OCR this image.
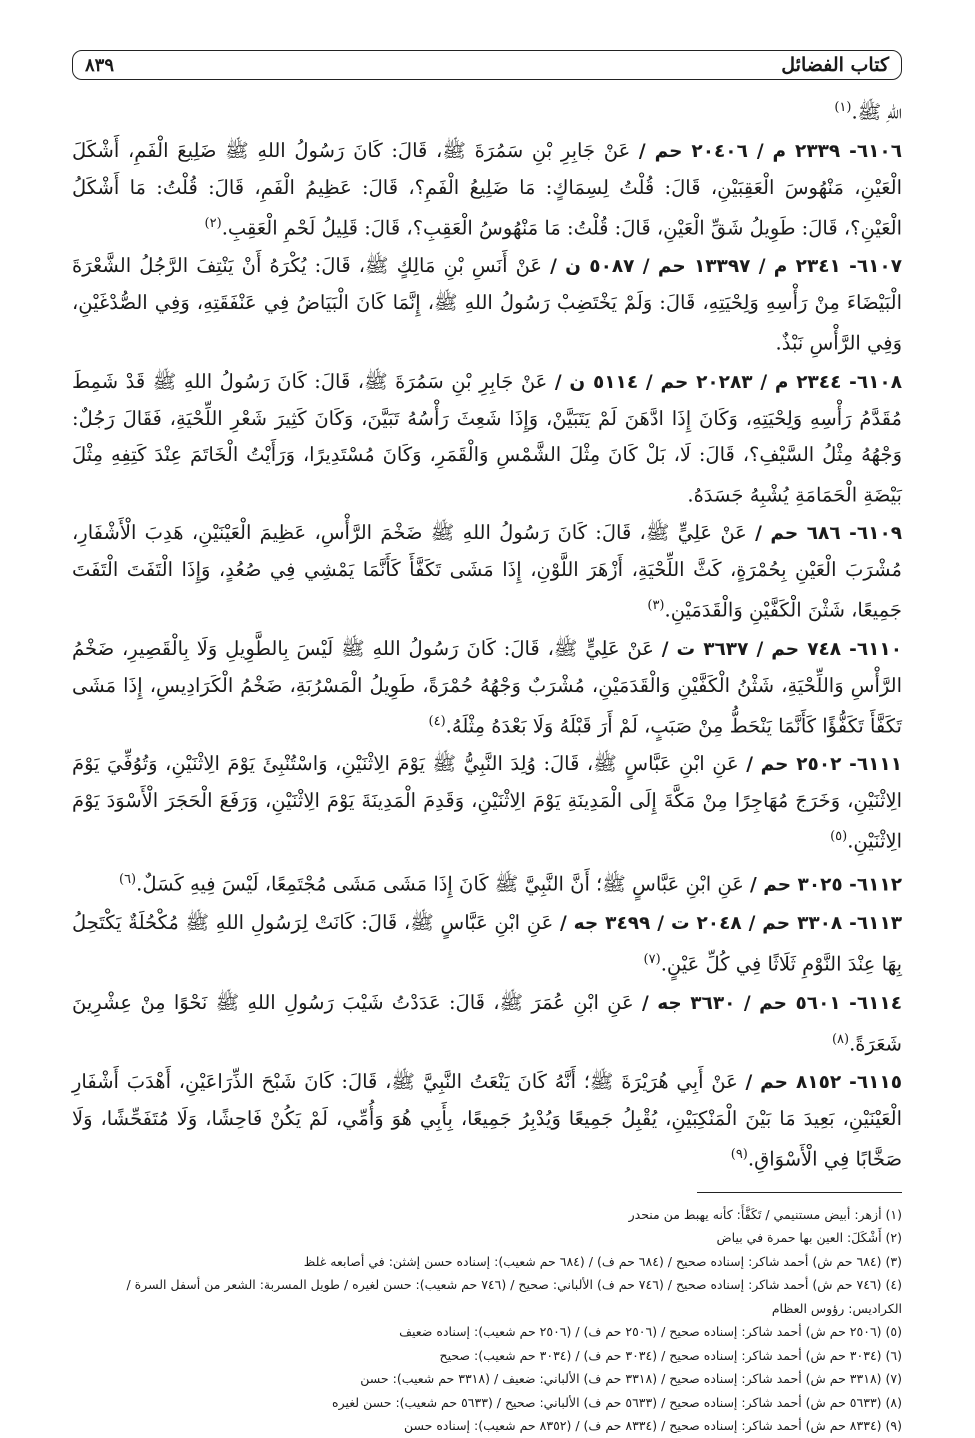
كتاب الفضائل
٨٣٩

اللهِ ﷺ.$^{(١)}$

٦١٠٦- ٢٣٣٩ م / ٢٠٤٠٦ حم / عَنْ جَابِرِ بْنِ سَمُرَةَ ﷺ، قَالَ: كَانَ رَسُولُ اللهِ ﷺ ضَلِيعَ الْفَمِ، أَشْكَلَ الْعَيْنِ، مَنْهُوسَ الْعَقِبَيْنِ، قَالَ: قُلْتُ لِسِمَاكٍ: مَا ضَلِيعُ الْفَمِ؟، قَالَ: عَظِيمُ الْفَمِ، قَالَ: قُلْتُ: مَا أَشْكَلُ الْعَيْنِ؟، قَالَ: طَوِيلُ شَقِّ الْعَيْنِ، قَالَ: قُلْتُ: مَا مَنْهُوسُ الْعَقِبِ؟، قَالَ: قَلِيلُ لَحْمِ الْعَقِبِ.$^{(٢)}$

٦١٠٧- ٢٣٤١ م / ١٣٣٩٧ حم / ٥٠٨٧ ن / عَنْ أَنَسِ بْنِ مَالِكٍ ﷺ، قَالَ: يُكْرَهُ أَنْ يَنْتِفَ الرَّجُلُ الشَّعْرَةَ الْبَيْضَاءَ مِنْ رَأْسِهِ وَلِحْيَتِهِ، قَالَ: وَلَمْ يَخْتَضِبْ رَسُولُ اللهِ ﷺ، إِنَّمَا كَانَ الْبَيَاضُ فِي عَنْفَقَتِهِ، وَفِي الصُّدْغَيْنِ، وَفِي الرَّأْسِ نَبْذٌ.

٦١٠٨- ٢٣٤٤ م / ٢٠٢٨٣ حم / ٥١١٤ ن / عَنْ جَابِرِ بْنِ سَمُرَةَ ﷺ، قَالَ: كَانَ رَسُولُ اللهِ ﷺ قَدْ شَمِطَ مُقَدَّمُ رَأْسِهِ وَلِحْيَتِهِ، وَكَانَ إِذَا ادَّهَنَ لَمْ يَتَبَيَّنْ، وَإِذَا شَعِثَ رَأْسُهُ تَبَيَّنَ، وَكَانَ كَثِيرَ شَعْرِ اللِّحْيَةِ، فَقَالَ رَجُلٌ: وَجْهُهُ مِثْلُ السَّيْفِ؟، قَالَ: لَا، بَلْ كَانَ مِثْلَ الشَّمْسِ وَالْقَمَرِ، وَكَانَ مُسْتَدِيرًا، وَرَأَيْتُ الْخَاتَمَ عِنْدَ كَتِفِهِ مِثْلَ بَيْضَةِ الْحَمَامَةِ يُشْبِهُ جَسَدَهُ.

٦١٠٩- ٦٨٦ حم / عَنْ عَلِيٍّ ﷺ، قَالَ: كَانَ رَسُولُ اللهِ ﷺ ضَخْمَ الرَّأْسِ، عَظِيمَ الْعَيْنَيْنِ، هَدِبَ الْأَشْفَارِ، مُشْرَبَ الْعَيْنِ بِحُمْرَةٍ، كَثَّ اللِّحْيَةِ، أَزْهَرَ اللَّوْنِ، إِذَا مَشَى تَكَفَّأَ كَأَنَّمَا يَمْشِي فِي صُعُدٍ، وَإِذَا الْتَفَتَ الْتَفَتَ جَمِيعًا، شَثْنَ الْكَفَّيْنِ وَالْقَدَمَيْنِ.$^{(٣)}$

٦١١٠- ٧٤٨ حم / ٣٦٣٧ ت / عَنْ عَلِيٍّ ﷺ، قَالَ: كَانَ رَسُولُ اللهِ ﷺ لَيْسَ بِالطَّوِيلِ وَلَا بِالْقَصِيرِ، ضَخْمُ الرَّأْسِ وَاللِّحْيَةِ، شَثْنُ الْكَفَّيْنِ وَالْقَدَمَيْنِ، مُشْرَبٌ وَجْهُهُ حُمْرَةً، طَوِيلُ الْمَسْرُبَةِ، ضَخْمُ الْكَرَادِيسِ، إِذَا مَشَى تَكَفَّأَ تَكَفُّؤًا كَأَنَّمَا يَنْحَطُّ مِنْ صَبَبٍ، لَمْ أَرَ قَبْلَهُ وَلَا بَعْدَهُ مِثْلَهُ.$^{(٤)}$

٦١١١- ٢٥٠٢ حم / عَنِ ابْنِ عَبَّاسٍ ﷺ، قَالَ: وُلِدَ النَّبِيُّ ﷺ يَوْمَ الِاثْنَيْنِ، وَاسْتُنْبِئَ يَوْمَ الِاثْنَيْنِ، وَتُوُفِّيَ يَوْمَ الِاثْنَيْنِ، وَخَرَجَ مُهَاجِرًا مِنْ مَكَّةَ إِلَى الْمَدِينَةِ يَوْمَ الِاثْنَيْنِ، وَقَدِمَ الْمَدِينَةَ يَوْمَ الِاثْنَيْنِ، وَرَفَعَ الْحَجَرَ الْأَسْوَدَ يَوْمَ الِاثْنَيْنِ.$^{(٥)}$

٦١١٢- ٣٠٢٥ حم / عَنِ ابْنِ عَبَّاسٍ ﷺ؛ أَنَّ النَّبِيَّ ﷺ كَانَ إِذَا مَشَى مَشَى مُجْتَمِعًا، لَيْسَ فِيهِ كَسَلٌ.$^{(٦)}$

٦١١٣- ٣٣٠٨ حم / ٢٠٤٨ ت / ٣٤٩٩ جه / عَنِ ابْنِ عَبَّاسٍ ﷺ، قَالَ: كَانَتْ لِرَسُولِ اللهِ ﷺ مُكْحُلَةٌ يَكْتَحِلُ بِهَا عِنْدَ النَّوْمِ ثَلَاثًا فِي كُلِّ عَيْنٍ.$^{(٧)}$

٦١١٤- ٥٦٠١ حم / ٣٦٣٠ جه / عَنِ ابْنِ عُمَرَ ﷺ، قَالَ: عَدَدْتُ شَيْبَ رَسُولِ اللهِ ﷺ نَحْوًا مِنْ عِشْرِينَ شَعَرَةً.$^{(٨)}$

٦١١٥- ٨١٥٢ حم / عَنْ أَبِي هُرَيْرَةَ ﷺ؛ أَنَّهُ كَانَ يَنْعَتُ النَّبِيَّ ﷺ، قَالَ: كَانَ شَبْحَ الذِّرَاعَيْنِ، أَهْدَبَ أَشْفَارِ الْعَيْنَيْنِ، بَعِيدَ مَا بَيْنَ الْمَنْكِبَيْنِ، يُقْبِلُ جَمِيعًا وَيُدْبِرُ جَمِيعًا، بِأَبِي هُوَ وَأُمِّي، لَمْ يَكُنْ فَاحِشًا، وَلَا مُتَفَحِّشًا، وَلَا صَخَّابًا فِي الْأَسْوَاقِ.$^{(٩)}$

(١) أزهر: أبيض مستنيمي / تَكَفَّأَ: كأنه يهبط من منحدر

(٢) أَشْكَلَ: العين بها حمرة في بياض

(٣) (٦٨٤ حم ش) أحمد شاكر: إسناده صحيح / (٦٨٤ حم ف) / (٦٨٤ حم شعيب): إسناده حسن إشثن: في أصابعه غلظ

(٤) (٧٤٦ حم ش) أحمد شاكر: إسناده صحيح / (٧٤٦ حم ف) الألباني: صحيح / (٧٤٦ حم شعيب): حسن لغيره / طويل المسربة: الشعر من أسفل السرة / الكراديس: رؤوس العظام

(٥) (٢٥٠٦ حم ش) أحمد شاكر: إسناده صحيح / (٢٥٠٦ حم ف) / (٢٥٠٦ حم شعيب): إسناده ضعيف

(٦) (٣٠٣٤ حم ش) أحمد شاكر: إسناده صحيح / (٣٠٣٤ حم ف) / (٣٠٣٤ حم شعيب): صحيح

(٧) (٣٣١٨ حم ش) أحمد شاكر: إسناده صحيح / (٣٣١٨ حم ف) الألباني: ضعيف / (٣٣١٨ حم شعيب): حسن

(٨) (٥٦٣٣ حم ش) أحمد شاكر: إسناده صحيح / (٥٦٣٣ حم ف) الألباني: صحيح / (٥٦٣٣ حم شعيب): حسن لغيره

(٩) (٨٣٣٤ حم ش) أحمد شاكر: إسناده صحيح / (٨٣٣٤ حم ف) / (٨٣٥٢ حم شعيب): إسناده حسن
